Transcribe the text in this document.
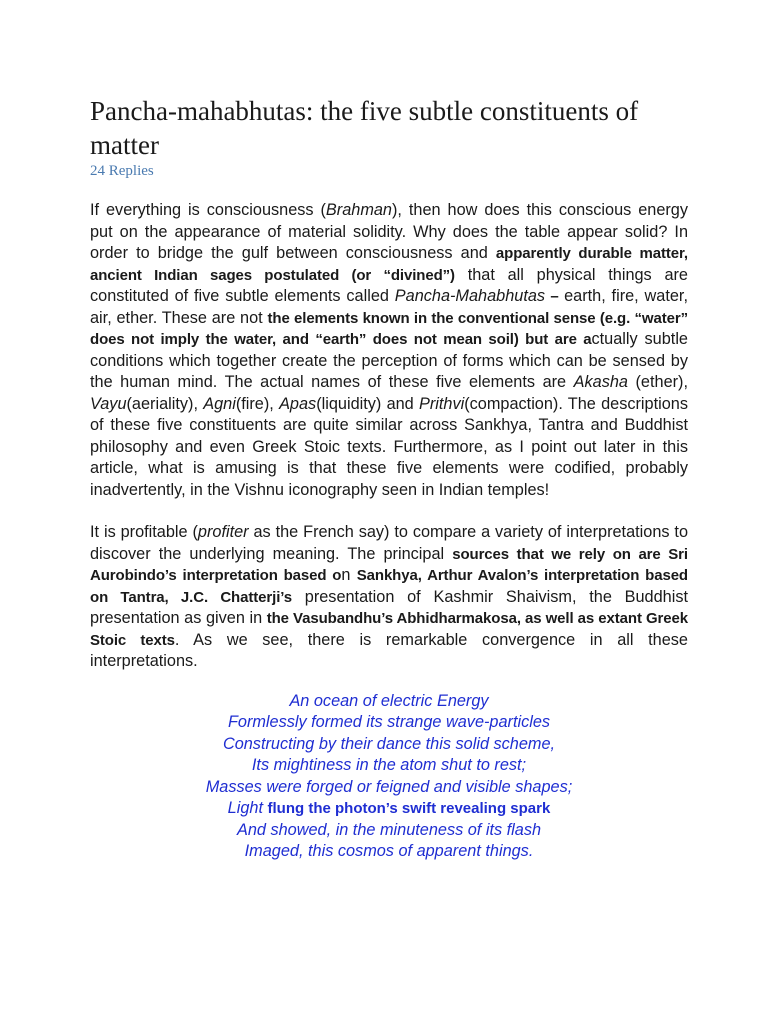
Pancha-mahabhutas: the five subtle constituents of matter
24 Replies

If everything is consciousness (Brahman), then how does this conscious energy put on the appearance of material solidity. Why does the table appear solid? In order to bridge the gulf between consciousness and apparently durable matter, ancient Indian sages postulated (or “divined”) that all physical things are constituted of five subtle elements called Pancha-Mahabhutas – earth, fire, water, air, ether. These are not the elements known in the conventional sense (e.g. “water” does not imply the water, and “earth” does not mean soil) but are actually subtle conditions which together create the perception of forms which can be sensed by the human mind. The actual names of these five elements are Akasha (ether), Vayu(aeriality), Agni(fire), Apas(liquidity) and Prithvi(compaction). The descriptions of these five constituents are quite similar across Sankhya, Tantra and Buddhist philosophy and even Greek Stoic texts. Furthermore, as I point out later in this article, what is amusing is that these five elements were codified, probably inadvertently, in the Vishnu iconography seen in Indian temples!

It is profitable (profiter as the French say) to compare a variety of interpretations to discover the underlying meaning. The principal sources that we rely on are Sri Aurobindo’s interpretation based on Sankhya, Arthur Avalon’s interpretation based on Tantra, J.C. Chatterji’s presentation of Kashmir Shaivism, the Buddhist presentation as given in the Vasubandhu’s Abhidharmakosa, as well as extant Greek Stoic texts. As we see, there is remarkable convergence in all these interpretations.

An ocean of electric Energy
Formlessly formed its strange wave-particles
Constructing by their dance this solid scheme,
Its mightiness in the atom shut to rest;
Masses were forged or feigned and visible shapes;
Light flung the photon’s swift revealing spark
And showed, in the minuteness of its flash
Imaged, this cosmos of apparent things.
